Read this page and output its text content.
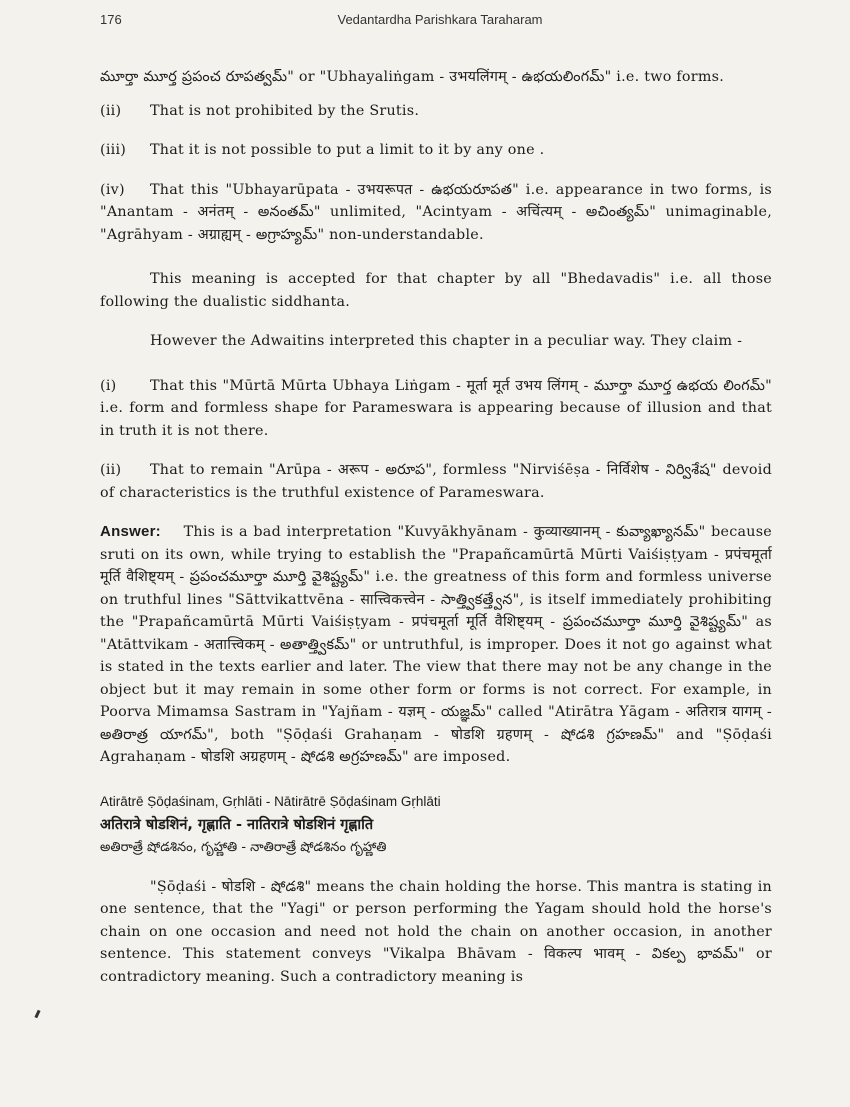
176	Vedantardha Parishkara Taraharam

మూర్తా మూర్త ప్రపంచ రూపత్వమ్" or "Ubhayaliṅgam - उभयलिंगम् - ఉభయలింగమ్" i.e. two forms.

(ii)	That is not prohibited by the Srutis.
(iii)	That it is not possible to put a limit to it by any one .

(iv) That this "Ubhayarūpata - उभयरूपत - ఉభయరూపత" i.e. appearance in two forms, is "Anantam - अनंतम् - అనంతమ్" unlimited, "Acintyam - अचिंत्यम् - అచింత్యమ్" unimaginable, "Agrāhyam - अग्राह्यम् - అగ్రాహ్యమ్" non-understandable.

This meaning is accepted for that chapter by all "Bhedavadis" i.e. all those following the dualistic siddhanta.

However the Adwaitins interpreted this chapter in a peculiar way. They claim -

(i) That this "Mūrtā Mūrta Ubhaya Liṅgam - मूर्ता मूर्त उभय लिंगम् - మూర్తా మూర్త ఉభయ లింగమ్" i.e. form and formless shape for Parameswara is appearing because of illusion and that in truth it is not there.

(ii) That to remain "Arūpa - अरूप - అరూప", formless "Nirviśēṣa - निर्विशेष - నిర్విశేష" devoid of characteristics is the truthful existence of Parameswara.

Answer: This is a bad interpretation "Kuvyākhyānam - कुव्याख्यानम् - కువ్యాఖ్యానమ్" because sruti on its own, while trying to establish the "Prapañcamūrtā Mūrti Vaiśiṣṭyam - प्रपंचमूर्ता मूर्ति वैशिष्ट्यम् - ప్రపంచమూర్తా మూర్తి వైశిష్ట్యమ్" i.e. the greatness of this form and formless universe on truthful lines "Sāttvikattvēna - सात्त्विकत्त्वेन - సాత్త్వికత్త్వేన", is itself immediately prohibiting the "Prapañcamūrtā Mūrti Vaiśiṣṭyam - प्रपंचमूर्ता मूर्ति वैशिष्ट्यम् - ప్రపంచమూర్తా మూర్తి వైశిష్ట్యమ్" as "Atāttvikam - अतात्त्विकम् - అతాత్త్వికమ్" or untruthful, is improper. Does it not go against what is stated in the texts earlier and later. The view that there may not be any change in the object but it may remain in some other form or forms is not correct. For example, in Poorva Mimamsa Sastram in "Yajñam - यज्ञम् - యజ్ఞమ్" called "Atirātra Yāgam - अतिरात्र यागम् - అతిరాత్ర యాగమ్", both "Ṣōḍaśi Grahaṇam - षोडशि ग्रहणम् - షోడశి గ్రహణమ్" and "Ṣōḍaśi Agrahaṇam - षोडशि अग्रहणम् - షోడశి అగ్రహణమ్" are imposed.

Atirātrē Ṣōḍaśinam, Gṛhlāti - Nātirātrē Ṣōḍaśinam Gṛhlāti

अतिरात्रे षोडशिनं, गृह्णाति - नातिरात्रे षोडशिनं गृह्णाति

అతిరాత్రే షోడశినం, గృహ్ణాతి - నాతిరాత్రే షోడశినం గృహ్ణాతి

"Ṣōḍaśi - षोडशि - షోడశి" means the chain holding the horse. This mantra is stating in one sentence, that the "Yagi" or person performing the Yagam should hold the horse's chain on one occasion and need not hold the chain on another occasion, in another sentence. This statement conveys "Vikalpa Bhāvam - विकल्प भावम् - వికల్ప భావమ్" or contradictory meaning. Such a contradictory meaning is
